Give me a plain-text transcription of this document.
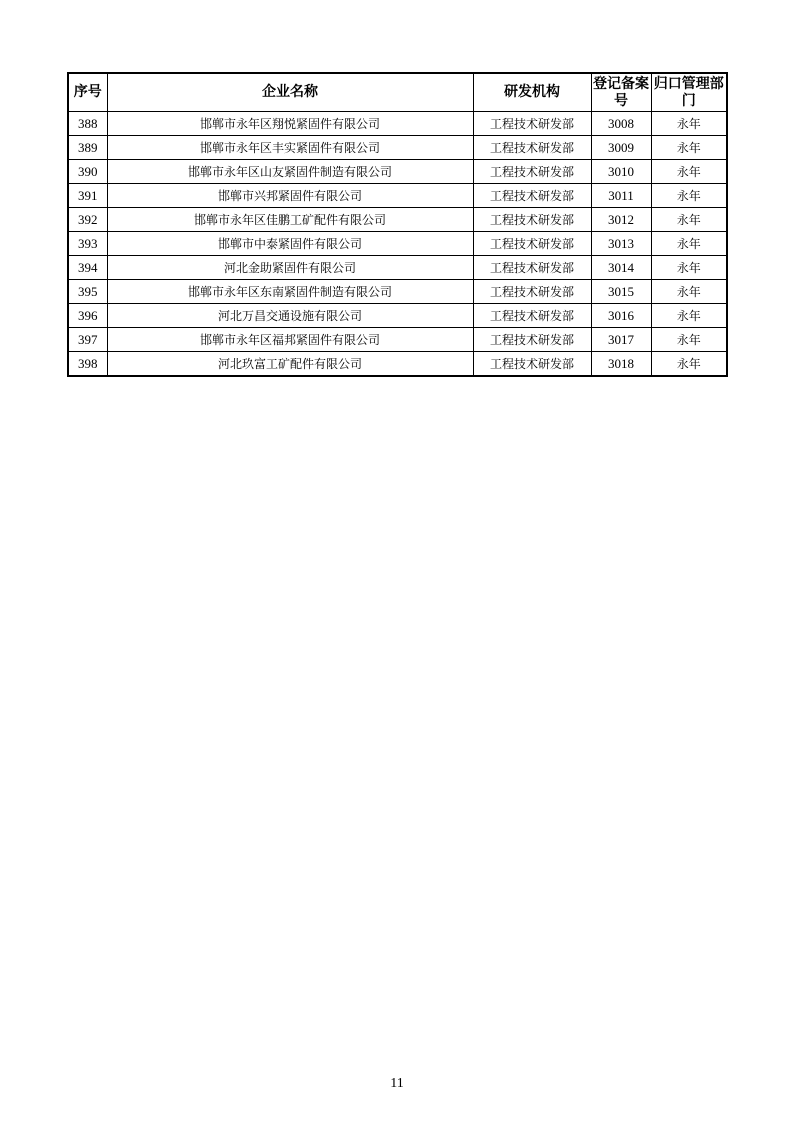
序号	企业名称	研发机构	登记备案号	归口管理部门
388	邯郸市永年区翔悦紧固件有限公司	工程技术研发部	3008	永年
389	邯郸市永年区丰实紧固件有限公司	工程技术研发部	3009	永年
390	邯郸市永年区山友紧固件制造有限公司	工程技术研发部	3010	永年
391	邯郸市兴邦紧固件有限公司	工程技术研发部	3011	永年
392	邯郸市永年区佳鹏工矿配件有限公司	工程技术研发部	3012	永年
393	邯郸市中泰紧固件有限公司	工程技术研发部	3013	永年
394	河北金助紧固件有限公司	工程技术研发部	3014	永年
395	邯郸市永年区东南紧固件制造有限公司	工程技术研发部	3015	永年
396	河北万昌交通设施有限公司	工程技术研发部	3016	永年
397	邯郸市永年区福邦紧固件有限公司	工程技术研发部	3017	永年
398	河北玖富工矿配件有限公司	工程技术研发部	3018	永年
11
